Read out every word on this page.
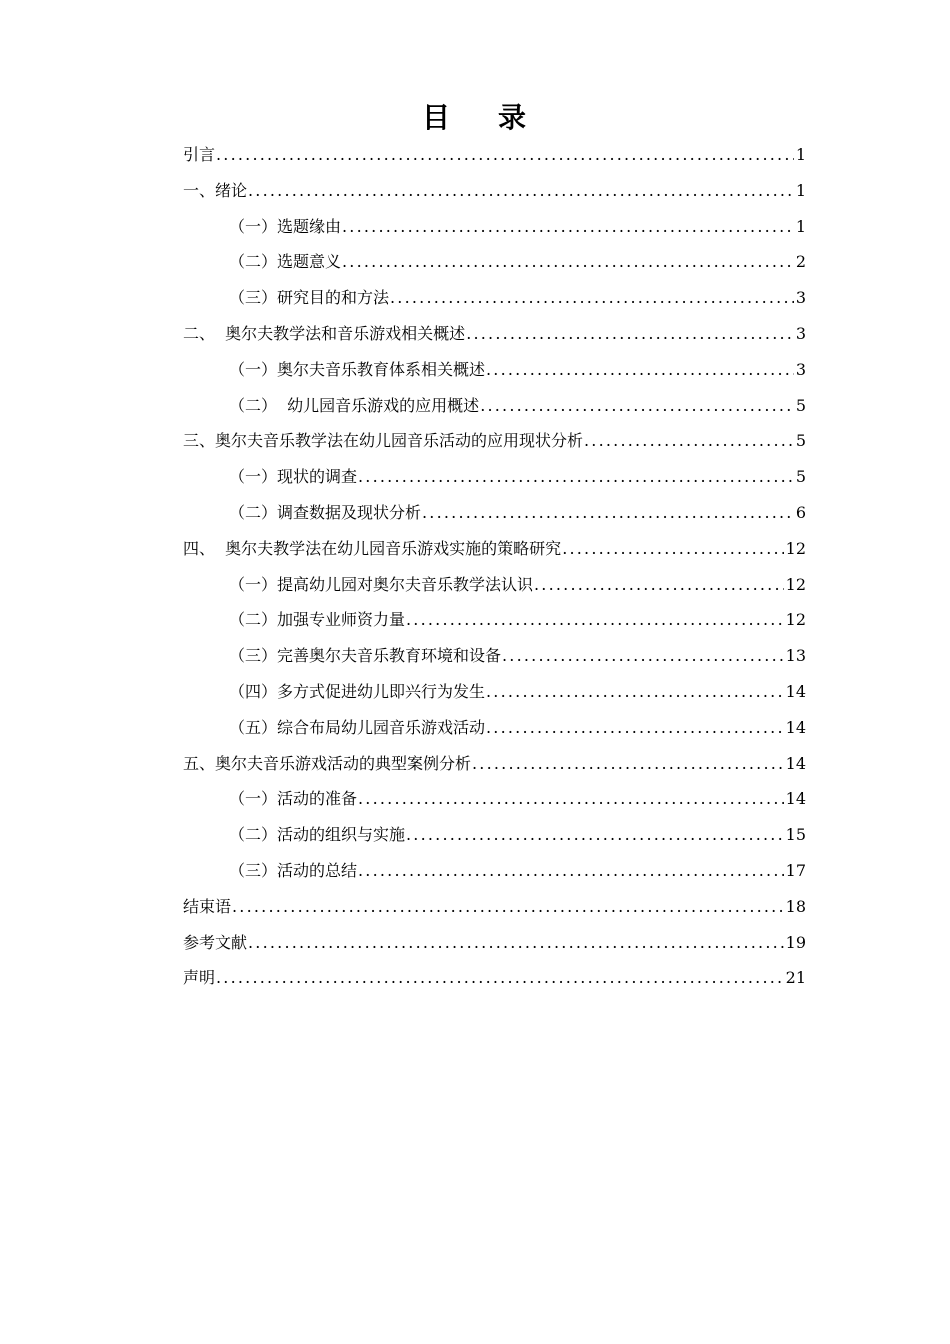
目 录
引言 .....	1
一、绪论 .....	1
（一）选题缘由 .....	1
（二）选题意义 .....	2
（三）研究目的和方法 .....	3
二、  奥尔夫教学法和音乐游戏相关概述 .....	3
（一）奥尔夫音乐教育体系相关概述 .....	3
（二）  幼儿园音乐游戏的应用概述 .....	5
三、奥尔夫音乐教学法在幼儿园音乐活动的应用现状分析 .....	5
（一）现状的调查 .....	5
（二）调查数据及现状分析 .....	6
四、  奥尔夫教学法在幼儿园音乐游戏实施的策略研究 .....	12
（一）提高幼儿园对奥尔夫音乐教学法认识 .....	12
（二）加强专业师资力量 .....	12
（三）完善奥尔夫音乐教育环境和设备 .....	13
（四）多方式促进幼儿即兴行为发生 .....	14
（五）综合布局幼儿园音乐游戏活动 .....	14
五、奥尔夫音乐游戏活动的典型案例分析 .....	14
（一）活动的准备 .....	14
（二）活动的组织与实施 .....	15
（三）活动的总结 .....	17
结束语 .....	18
参考文献 .....	19
声明 .....	21
